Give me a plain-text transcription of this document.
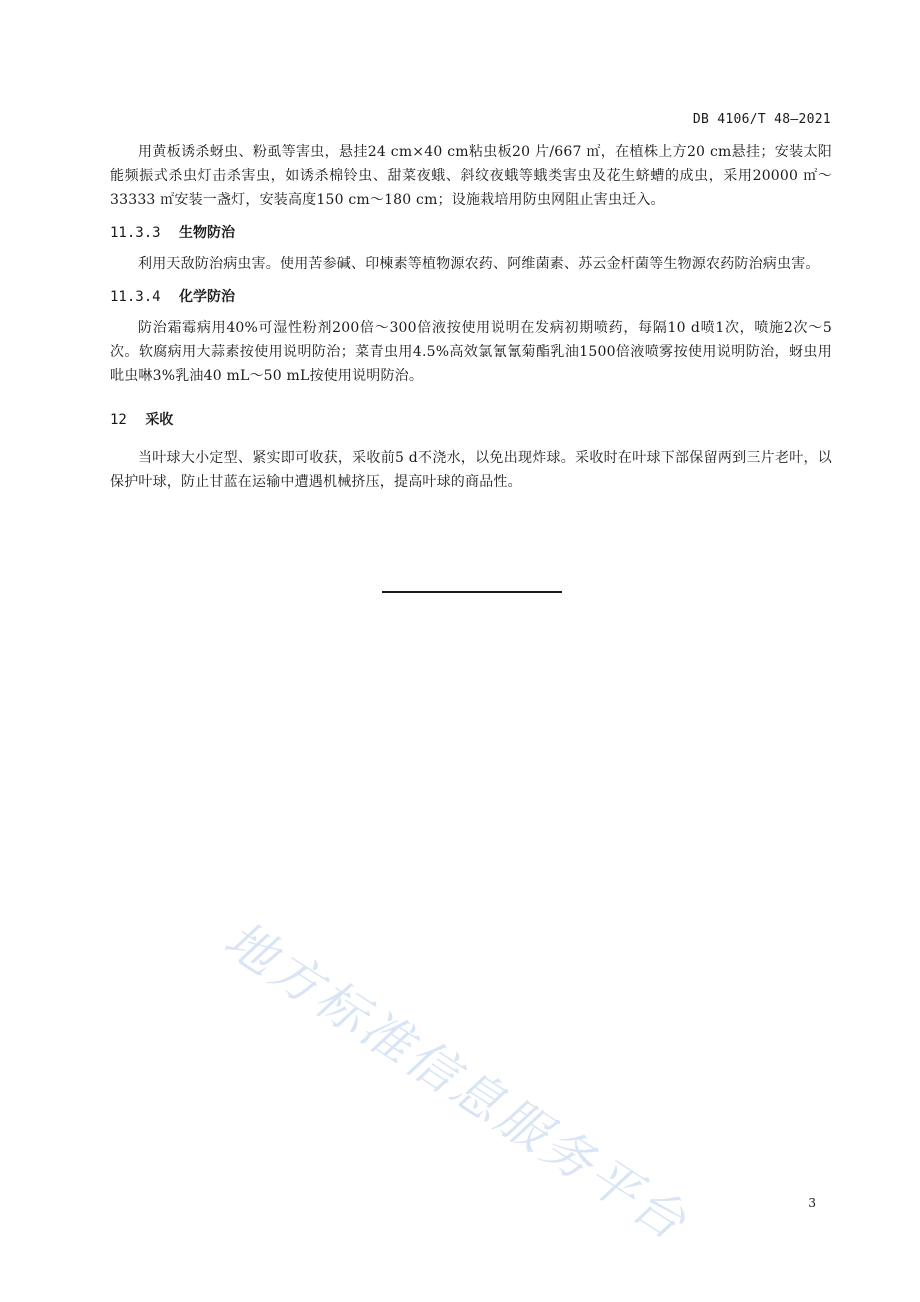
DB 4106/T 48—2021

用黄板诱杀蚜虫、粉虱等害虫，悬挂24 cm×40 cm粘虫板20 片/667 ㎡，在植株上方20 cm悬挂；安装太阳能频振式杀虫灯击杀害虫，如诱杀棉铃虫、甜菜夜蛾、斜纹夜蛾等蛾类害虫及花生蛴螬的成虫，采用20000 ㎡～33333 ㎡安装一盏灯，安装高度150 cm～180 cm；设施栽培用防虫网阻止害虫迁入。

11.3.3 生物防治

利用天敌防治病虫害。使用苦参碱、印楝素等植物源农药、阿维菌素、苏云金杆菌等生物源农药防治病虫害。

11.3.4 化学防治

防治霜霉病用40%可湿性粉剂200倍～300倍液按使用说明在发病初期喷药，每隔10 d喷1次，喷施2次～5 次。软腐病用大蒜素按使用说明防治；菜青虫用4.5%高效氯氰氰菊酯乳油1500倍液喷雾按使用说明防治，蚜虫用吡虫啉3%乳油40 mL～50 mL按使用说明防治。

12 采收

当叶球大小定型、紧实即可收获，采收前5 d不浇水，以免出现炸球。采收时在叶球下部保留两到三片老叶，以保护叶球，防止甘蓝在运输中遭遇机械挤压，提高叶球的商品性。

地方标准信息服务平台	3
